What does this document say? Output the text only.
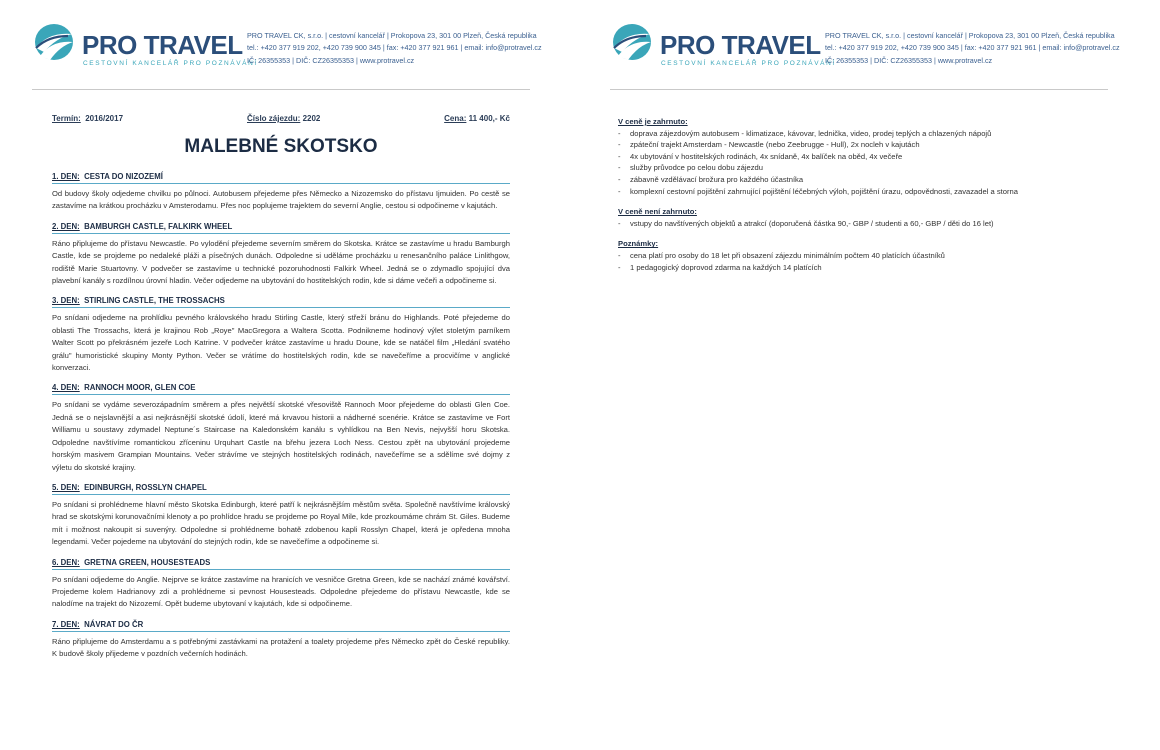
PRO TRAVEL
CESTOVNÍ KANCELÁŘ PRO POZNÁVÁNÍ
PRO TRAVEL CK, s.r.o. | cestovní kancelář | Prokopova 23, 301 00 Plzeň, Česká republika
tel.: +420 377 919 202, +420 739 900 345 | fax: +420 377 921 961 | email: info@protravel.cz
IČ: 26355353 | DIČ: CZ26355353 | www.protravel.cz
Termín: 2016/2017	Číslo zájezdu: 2202	Cena: 11 400,- Kč
MALEBNÉ SKOTSKO
1. DEN: CESTA DO NIZOZEMÍ
Od budovy školy odjedeme chvilku po půlnoci. Autobusem přejedeme přes Německo a Nizozemsko do přístavu Ijmuiden. Po cestě se zastavíme na krátkou procházku v Amsterodamu. Přes noc poplujeme trajektem do severní Anglie, cestou si odpočineme v kajutách.
2. DEN: BAMBURGH CASTLE, FALKIRK WHEEL
Ráno připlujeme do přístavu Newcastle. Po vylodění přejedeme severním směrem do Skotska. Krátce se zastavíme u hradu Bamburgh Castle, kde se projdeme po nedaleké pláži a písečných dunách. Odpoledne si uděláme procházku u renesančního paláce Linlithgow, rodiště Marie Stuartovny. V podvečer se zastavíme u technické pozoruhodnosti Falkirk Wheel. Jedná se o zdymadlo spojující dva plavební kanály s rozdílnou úrovní hladin. Večer odjedeme na ubytování do hostitelských rodin, kde si dáme večeři a odpočineme si.
3. DEN: STIRLING CASTLE, THE TROSSACHS
Po snídani odjedeme na prohlídku pevného královského hradu Stirling Castle, který střeží bránu do Highlands. Poté přejedeme do oblasti The Trossachs, která je krajinou Rob „Roye" MacGregora a Waltera Scotta. Podnikneme hodinový výlet stoletým parníkem Walter Scott po překrásném jezeře Loch Katrine. V podvečer krátce zastavíme u hradu Doune, kde se natáčel film „Hledání svatého grálu" humoristické skupiny Monty Python. Večer se vrátíme do hostitelských rodin, kde se navečeříme a procvičíme v anglické konverzaci.
4. DEN: RANNOCH MOOR, GLEN COE
Po snídani se vydáme severozápadním směrem a přes největší skotské vřesoviště Rannoch Moor přejedeme do oblasti Glen Coe. Jedná se o nejslavnější a asi nejkrásnější skotské údolí, které má krvavou historii a nádherné scenérie. Krátce se zastavíme ve Fort Williamu u soustavy zdymadel Neptune´s Staircase na Kaledonském kanálu s vyhlídkou na Ben Nevis, nejvyšší horu Skotska. Odpoledne navštívíme romantickou zříceninu Urquhart Castle na břehu jezera Loch Ness. Cestou zpět na ubytování projedeme horským masivem Grampian Mountains. Večer strávíme ve stejných hostitelských rodinách, navečeříme se a sdělíme své dojmy z výletu do skotské krajiny.
5. DEN: EDINBURGH, ROSSLYN CHAPEL
Po snídani si prohlédneme hlavní město Skotska Edinburgh, které patří k nejkrásnějším městům světa. Společně navštívíme královský hrad se skotskými korunovačními klenoty a po prohlídce hradu se projdeme po Royal Mile, kde prozkoumáme chrám St. Giles. Budeme mít i možnost nakoupit si suvenýry. Odpoledne si prohlédneme bohatě zdobenou kapli Rosslyn Chapel, která je opředena mnoha legendami. Večer pojedeme na ubytování do stejných rodin, kde se navečeříme a odpočineme si.
6. DEN: GRETNA GREEN, HOUSESTEADS
Po snídani odjedeme do Anglie. Nejprve se krátce zastavíme na hranicích ve vesničce Gretna Green, kde se nachází známé kovářství. Projedeme kolem Hadrianovy zdi a prohlédneme si pevnost Housesteads. Odpoledne přejedeme do přístavu Newcastle, kde se nalodíme na trajekt do Nizozemí. Opět budeme ubytovaní v kajutách, kde si odpočineme.
7. DEN: NÁVRAT DO ČR
Ráno připlujeme do Amsterdamu a s potřebnými zastávkami na protažení a toalety projedeme přes Německo zpět do České republiky. K budově školy přijedeme v pozdních večerních hodinách.
PRO TRAVEL
CESTOVNÍ KANCELÁŘ PRO POZNÁVÁNÍ
PRO TRAVEL CK, s.r.o. | cestovní kancelář | Prokopova 23, 301 00 Plzeň, Česká republika
tel.: +420 377 919 202, +420 739 900 345 | fax: +420 377 921 961 | email: info@protravel.cz
IČ: 26355353 | DIČ: CZ26355353 | www.protravel.cz
V ceně je zahrnuto:
- doprava zájezdovým autobusem - klimatizace, kávovar, lednička, video, prodej teplých a chlazených nápojů
- zpáteční trajekt Amsterdam - Newcastle (nebo Zeebrugge - Hull), 2x nocleh v kajutách
- 4x ubytování v hostitelských rodinách, 4x snídaně, 4x balíček na oběd, 4x večeře
- služby průvodce po celou dobu zájezdu
- zábavně vzdělávací brožura pro každého účastníka
- komplexní cestovní pojištění zahrnující pojištění léčebných výloh, pojištění úrazu, odpovědnosti, zavazadel a storna
V ceně není zahrnuto:
- vstupy do navštívených objektů a atrakcí (doporučená částka 90,- GBP / studenti a 60,- GBP / děti do 16 let)
Poznámky:
- cena platí pro osoby do 18 let při obsazení zájezdu minimálním počtem 40 platících účastníků
- 1 pedagogický doprovod zdarma na každých 14 platících
